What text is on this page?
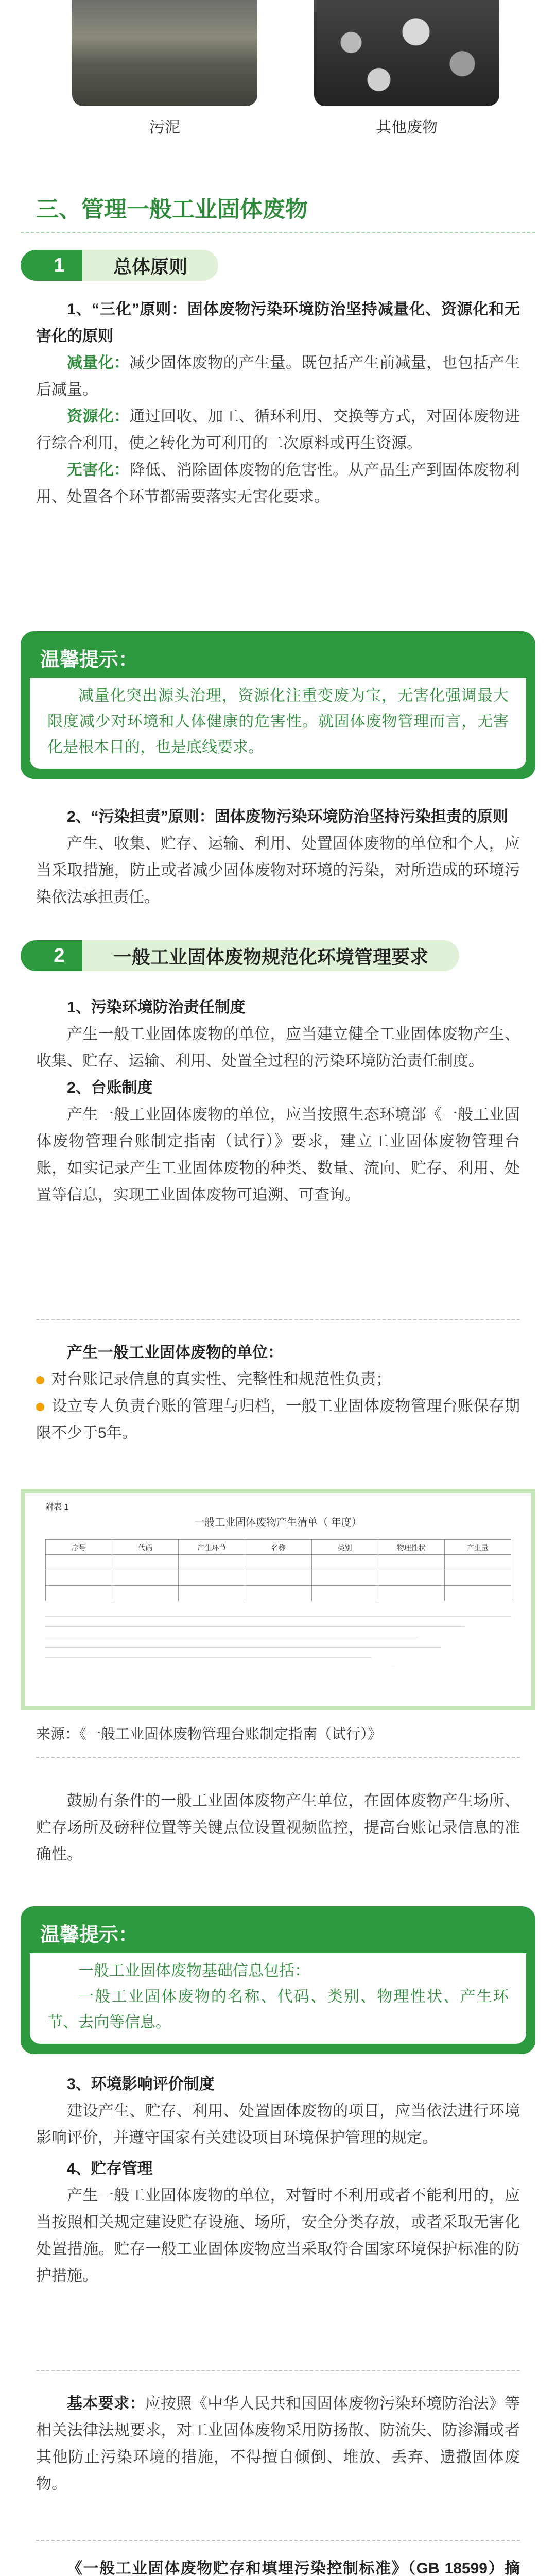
污泥	其他废物
三、管理一般工业固体废物
1	总体原则

1、“三化”原则：固体废物污染环境防治坚持减量化、资源化和无害化的原则

减量化：减少固体废物的产生量。既包括产生前减量，也包括产生后减量。

资源化：通过回收、加工、循环利用、交换等方式，对固体废物进行综合利用，使之转化为可利用的二次原料或再生资源。

无害化：降低、消除固体废物的危害性。从产品生产到固体废物利用、处置各个环节都需要落实无害化要求。

温馨提示：

减量化突出源头治理，资源化注重变废为宝，无害化强调最大限度减少对环境和人体健康的危害性。就固体废物管理而言，无害化是根本目的，也是底线要求。

2、“污染担责”原则：固体废物污染环境防治坚持污染担责的原则

产生、收集、贮存、运输、利用、处置固体废物的单位和个人，应当采取措施，防止或者减少固体废物对环境的污染，对所造成的环境污染依法承担责任。

2	一般工业固体废物规范化环境管理要求

1、污染环境防治责任制度

产生一般工业固体废物的单位，应当建立健全工业固体废物产生、收集、贮存、运输、利用、处置全过程的污染环境防治责任制度。

2、台账制度

产生一般工业固体废物的单位，应当按照生态环境部《一般工业固体废物管理台账制定指南（试行）》要求，建立工业固体废物管理台账，如实记录产生工业固体废物的种类、数量、流向、贮存、利用、处置等信息，实现工业固体废物可追溯、可查询。

产生一般工业固体废物的单位：

对台账记录信息的真实性、完整性和规范性负责；

设立专人负责台账的管理与归档，一般工业固体废物管理台账保存期限不少于5年。

附表 1
一般工业固体废物产生清单（ 年度）
序号	代码	产生环节	名称	类别	物理性状	产生量

来源：《一般工业固体废物管理台账制定指南（试行）》

鼓励有条件的一般工业固体废物产生单位，在固体废物产生场所、贮存场所及磅秤位置等关键点位设置视频监控，提高台账记录信息的准确性。

温馨提示：

一般工业固体废物基础信息包括：

一般工业固体废物的名称、代码、类别、物理性状、产生环节、去向等信息。

3、环境影响评价制度

建设产生、贮存、利用、处置固体废物的项目，应当依法进行环境影响评价，并遵守国家有关建设项目环境保护管理的规定。

4、贮存管理

产生一般工业固体废物的单位，对暂时不利用或者不能利用的，应当按照相关规定建设贮存设施、场所，安全分类存放，或者采取无害化处置措施。贮存一般工业固体废物应当采取符合国家环境保护标准的防护措施。

基本要求：应按照《中华人民共和国固体废物污染环境防治法》等相关法律法规要求，对工业固体废物采用防扬散、防流失、防渗漏或者其他防止污染环境的措施，不得擅自倾倒、堆放、丢弃、遗撒固体废物。

《一般工业固体废物贮存和填埋污染控制标准》（GB 18599）摘
